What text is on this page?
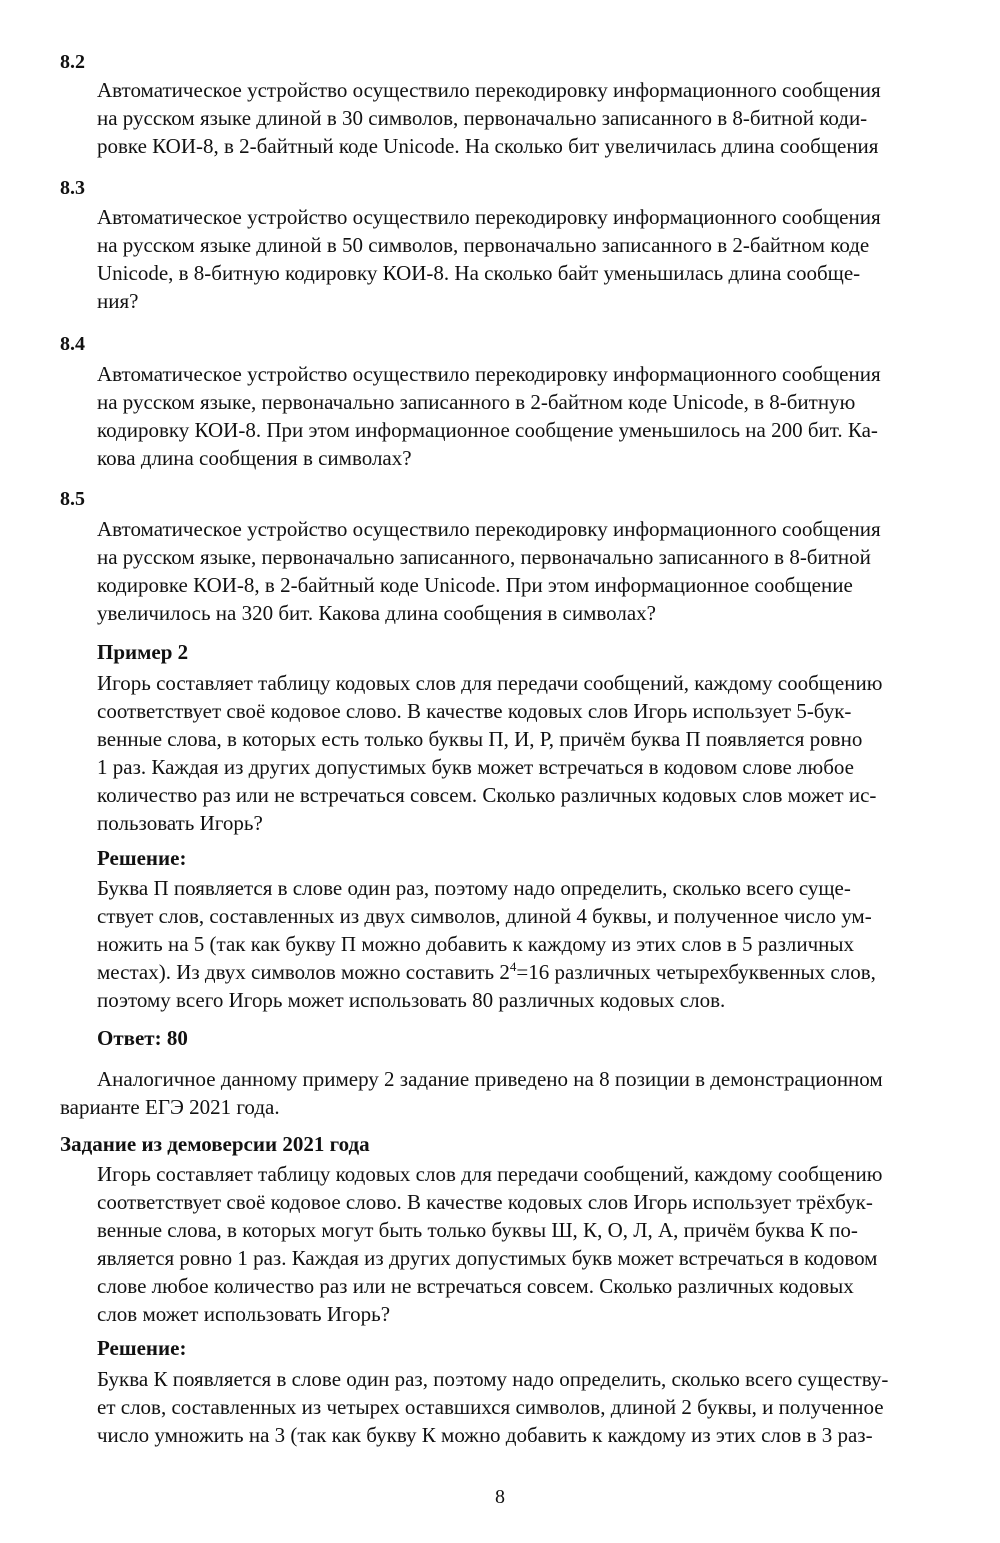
8.2
Автоматическое устройство осуществило перекодировку информационного сообщения
на русском языке длиной в 30 символов, первоначально записанного в 8-битной коди-
ровке КОИ-8, в 2-байтный коде Unicode. На сколько бит увеличилась длина сообщения
8.3
Автоматическое устройство осуществило перекодировку информационного сообщения
на русском языке длиной в 50 символов, первоначально записанного в 2-байтном коде
Unicode, в 8-битную кодировку КОИ-8. На сколько байт уменьшилась длина сообще-
ния?
8.4
Автоматическое устройство осуществило перекодировку информационного сообщения
на русском языке, первоначально записанного в 2-байтном коде Unicode, в 8-битную
кодировку КОИ-8. При этом информационное сообщение уменьшилось на 200 бит. Ка-
кова длина сообщения в символах?
8.5
Автоматическое устройство осуществило перекодировку информационного сообщения
на русском языке, первоначально записанного, первоначально записанного в 8-битной
кодировке КОИ-8, в 2-байтный коде Unicode. При этом информационное сообщение
увеличилось на 320 бит. Какова длина сообщения в символах?
Пример 2
Игорь составляет таблицу кодовых слов для передачи сообщений, каждому сообщению
соответствует своё кодовое слово. В качестве кодовых слов Игорь использует 5-бук-
венные слова, в которых есть только буквы П, И, Р, причём буква П появляется ровно
1 раз. Каждая из других допустимых букв может встречаться в кодовом слове любое
количество раз или не встречаться совсем. Сколько различных кодовых слов может ис-
пользовать Игорь?
Решение:
Буква П появляется в слове один раз, поэтому надо определить, сколько всего суще-
ствует слов, составленных из двух символов, длиной 4 буквы, и полученное число ум-
ножить на 5 (так как букву П можно добавить к каждому из этих слов в 5 различных
местах). Из двух символов можно составить $2^4=16$ различных четырехбуквенных слов,
поэтому всего Игорь может использовать 80 различных кодовых слов.
Ответ: 80
Аналогичное данному примеру 2 задание приведено на 8 позиции в демонстрационном
варианте ЕГЭ 2021 года.
Задание из демоверсии 2021 года
Игорь составляет таблицу кодовых слов для передачи сообщений, каждому сообщению
соответствует своё кодовое слово. В качестве кодовых слов Игорь использует трёхбук-
венные слова, в которых могут быть только буквы Ш, К, О, Л, А, причём буква К по-
является ровно 1 раз. Каждая из других допустимых букв может встречаться в кодовом
слове любое количество раз или не встречаться совсем. Сколько различных кодовых
слов может использовать Игорь?
Решение:
Буква К появляется в слове один раз, поэтому надо определить, сколько всего существу-
ет слов, составленных из четырех оставшихся символов, длиной 2 буквы, и полученное
число умножить на 3 (так как букву К можно добавить к каждому из этих слов в 3 раз-
8
